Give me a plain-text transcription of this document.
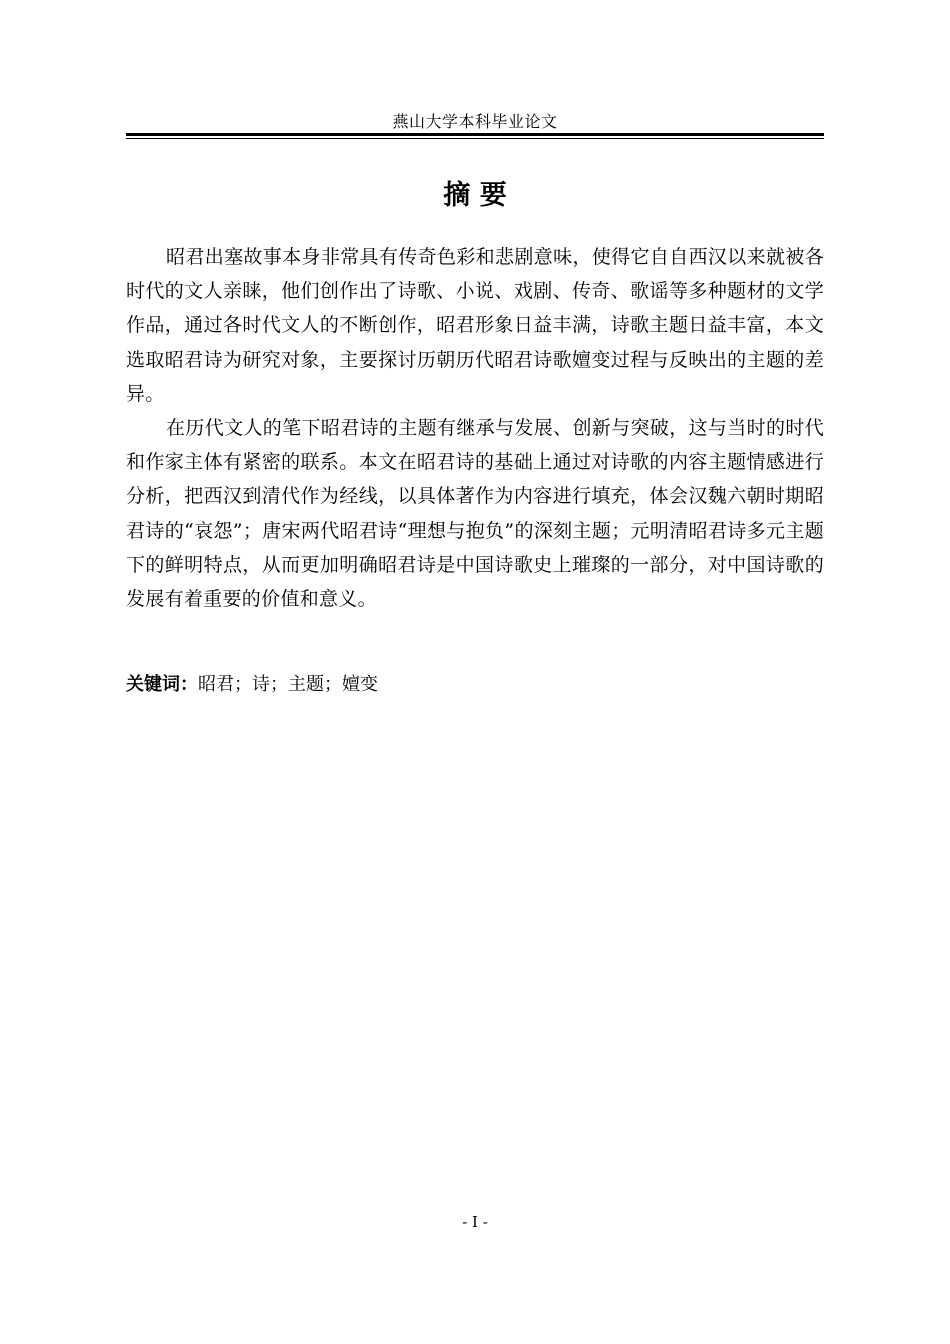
燕山大学本科毕业论文
摘 要

昭君出塞故事本身非常具有传奇色彩和悲剧意味，使得它自自西汉以来就被各时代的文人亲睐，他们创作出了诗歌、小说、戏剧、传奇、歌谣等多种题材的文学作品，通过各时代文人的不断创作，昭君形象日益丰满，诗歌主题日益丰富，本文选取昭君诗为研究对象，主要探讨历朝历代昭君诗歌嬗变过程与反映出的主题的差异。

在历代文人的笔下昭君诗的主题有继承与发展、创新与突破，这与当时的时代和作家主体有紧密的联系。本文在昭君诗的基础上通过对诗歌的内容主题情感进行分析，把西汉到清代作为经线，以具体著作为内容进行填充，体会汉魏六朝时期昭君诗的“哀怨”；唐宋两代昭君诗“理想与抱负”的深刻主题；元明清昭君诗多元主题下的鲜明特点，从而更加明确昭君诗是中国诗歌史上璀璨的一部分，对中国诗歌的发展有着重要的价值和意义。

关键词：昭君；诗；主题；嬗变
- I -
